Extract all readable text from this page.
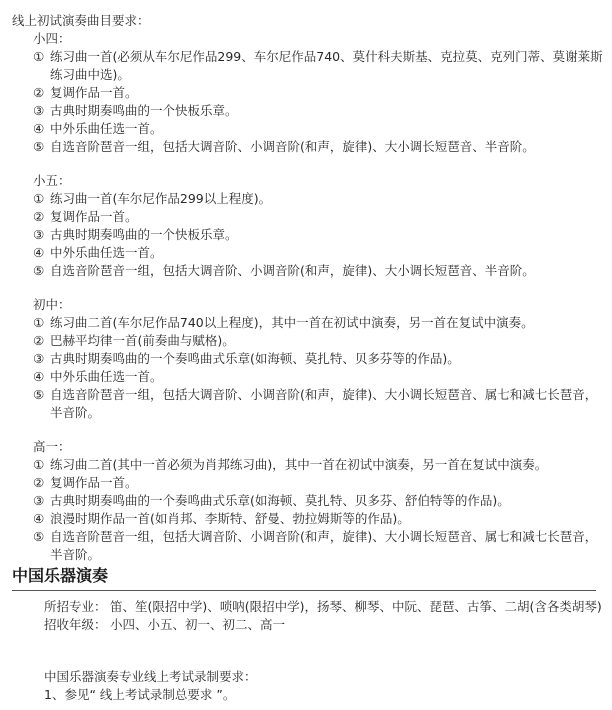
线上初试演奏曲目要求：
小四：
① 练习曲一首(必须从车尔尼作品299、车尔尼作品740、莫什科夫斯基、克拉莫、克列门蒂、莫谢莱斯练习曲中选)。
② 复调作品一首。
③ 古典时期奏鸣曲的一个快板乐章。
④ 中外乐曲任选一首。
⑤ 自选音阶琶音一组，包括大调音阶、小调音阶(和声，旋律)、大小调长短琶音、半音阶。
小五：
① 练习曲一首(车尔尼作品299以上程度)。
② 复调作品一首。
③ 古典时期奏鸣曲的一个快板乐章。
④ 中外乐曲任选一首。
⑤ 自选音阶琶音一组，包括大调音阶、小调音阶(和声，旋律)、大小调长短琶音、半音阶。
初中：
① 练习曲二首(车尔尼作品740以上程度)，其中一首在初试中演奏，另一首在复试中演奏。
② 巴赫平均律一首(前奏曲与赋格)。
③ 古典时期奏鸣曲的一个奏鸣曲式乐章(如海顿、莫扎特、贝多芬等的作品)。
④ 中外乐曲任选一首。
⑤ 自选音阶琶音一组，包括大调音阶、小调音阶(和声，旋律)、大小调长短琶音、属七和减七长琶音，半音阶。
高一：
① 练习曲二首(其中一首必须为肖邦练习曲)，其中一首在初试中演奏，另一首在复试中演奏。
② 复调作品一首。
③ 古典时期奏鸣曲的一个奏鸣曲式乐章(如海顿、莫扎特、贝多芬、舒伯特等的作品)。
④ 浪漫时期作品一首(如肖邦、李斯特、舒曼、勃拉姆斯等的作品)。
⑤ 自选音阶琶音一组，包括大调音阶、小调音阶(和声，旋律)、大小调长短琶音、属七和减七长琶音，半音阶。
中国乐器演奏
所招专业： 笛、笙(限招中学)、唢呐(限招中学)，扬琴、柳琴、中阮、琵琶、古筝、二胡(含各类胡琴)
招收年级： 小四、小五、初一、初二、高一
中国乐器演奏专业线上考试录制要求：
1、参见“ 线上考试录制总要求 ”。
